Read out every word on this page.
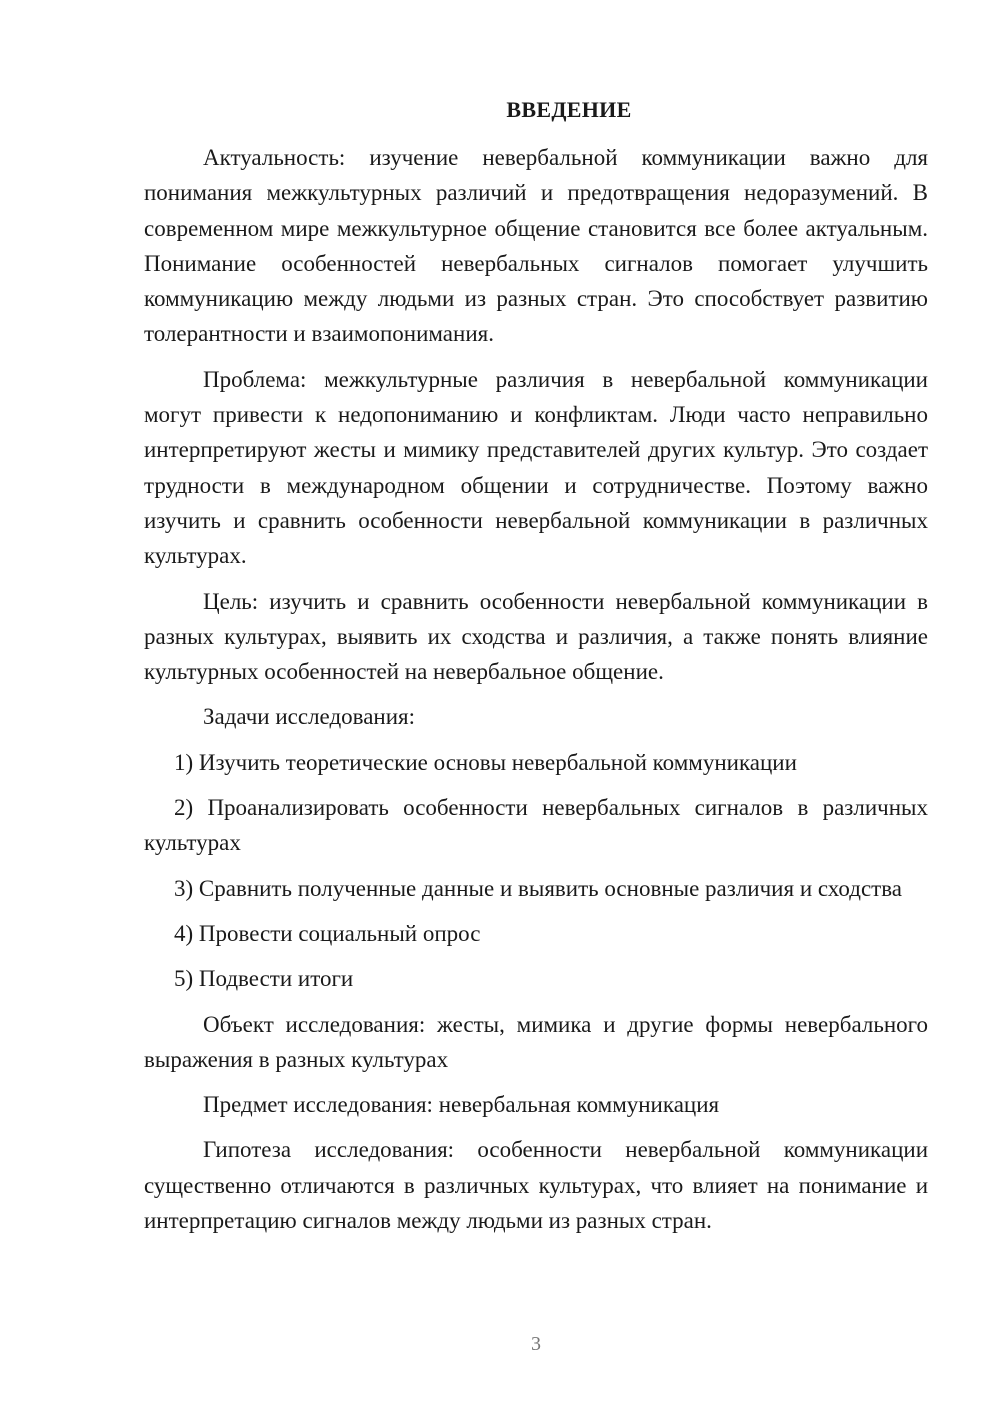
ВВЕДЕНИЕ

Актуальность: изучение невербальной коммуникации важно для понимания межкультурных различий и предотвращения недоразумений. В современном мире межкультурное общение становится все более актуальным. Понимание особенностей невербальных сигналов помогает улучшить коммуникацию между людьми из разных стран. Это способствует развитию толерантности и взаимопонимания.

Проблема: межкультурные различия в невербальной коммуникации могут привести к недопониманию и конфликтам. Люди часто неправильно интерпретируют жесты и мимику представителей других культур. Это создает трудности в международном общении и сотрудничестве. Поэтому важно изучить и сравнить особенности невербальной коммуникации в различных культурах.

Цель: изучить и сравнить особенности невербальной коммуникации в разных культурах, выявить их сходства и различия, а также понять влияние культурных особенностей на невербальное общение.

Задачи исследования:

1) Изучить теоретические основы невербальной коммуникации

2) Проанализировать особенности невербальных сигналов в различных культурах

3) Сравнить полученные данные и выявить основные различия и сходства

4) Провести социальный опрос

5) Подвести итоги

Объект исследования: жесты, мимика и другие формы невербального выражения в разных культурах

Предмет исследования: невербальная коммуникация

Гипотеза исследования: особенности невербальной коммуникации существенно отличаются в различных культурах, что влияет на понимание и интерпретацию сигналов между людьми из разных стран.

3
